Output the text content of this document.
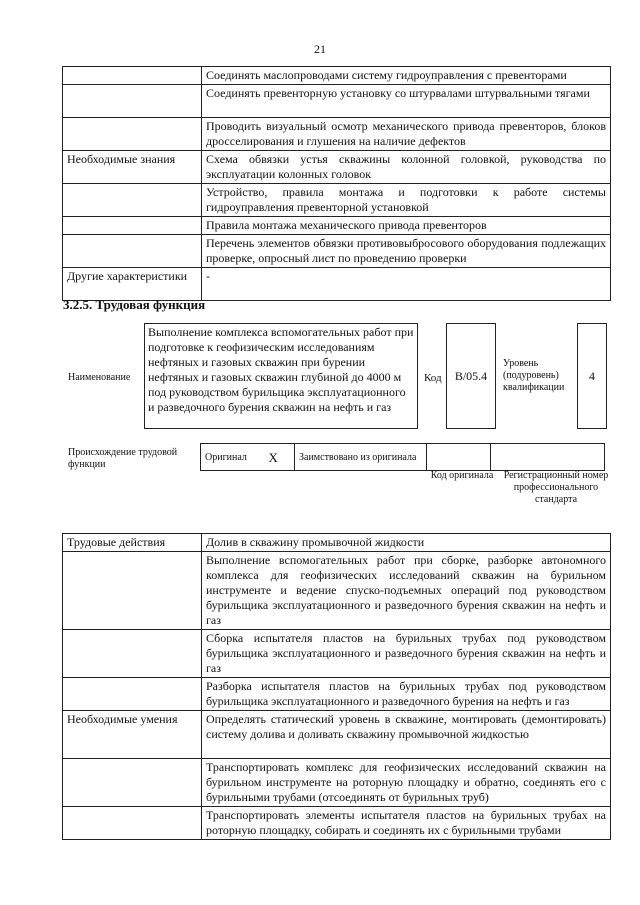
21
	Соединять маслопроводами систему гидроуправления с превенторами
	Соединять превенторную установку со штурвалами штурвальными тягами
	Проводить визуальный осмотр механического привода превенторов, блоков дросселирования и глушения на наличие дефектов
Необходимые знания	Схема обвязки устья скважины колонной головкой, руководства по эксплуатации колонных головок
	Устройство, правила монтажа и подготовки к работе системы гидроуправления превенторной установкой
	Правила монтажа механического привода превенторов
	Перечень элементов обвязки противовыбросового оборудования подлежащих проверке, опросный лист по проведению проверки
Другие характеристики	-
3.2.5. Трудовая функция
Наименование
Выполнение комплекса вспомогательных работ при подготовке к геофизическим исследованиям нефтяных и газовых скважин при бурении нефтяных и газовых скважин глубиной до 4000 м под руководством бурильщика эксплуатационного и разведочного бурения скважин на нефть и газ
Код	В/05.4
Уровень (подуровень) квалификации
4
Происхождение трудовой функции
Оригинал	X	Заимствовано из оригинала		
Код оригинала	Регистрационный номер профессионального стандарта
Трудовые действия	Долив в скважину промывочной жидкости
	Выполнение вспомогательных работ при сборке, разборке автономного комплекса для геофизических исследований скважин на бурильном инструменте и ведение спуско-подъемных операций под руководством бурильщика эксплуатационного и разведочного бурения скважин на нефть и газ
	Сборка испытателя пластов на бурильных трубах под руководством бурильщика эксплуатационного и разведочного бурения скважин на нефть и газ
	Разборка испытателя пластов на бурильных трубах под руководством бурильщика эксплуатационного и разведочного бурения на нефть и газ
Необходимые умения	Определять статический уровень в скважине, монтировать (демонтировать) систему долива и доливать скважину промывочной жидкостью
	Транспортировать комплекс для геофизических исследований скважин на бурильном инструменте на роторную площадку и обратно, соединять его с бурильными трубами (отсоединять от бурильных труб)
	Транспортировать элементы испытателя пластов на бурильных трубах на роторную площадку, собирать и соединять их с бурильными трубами
